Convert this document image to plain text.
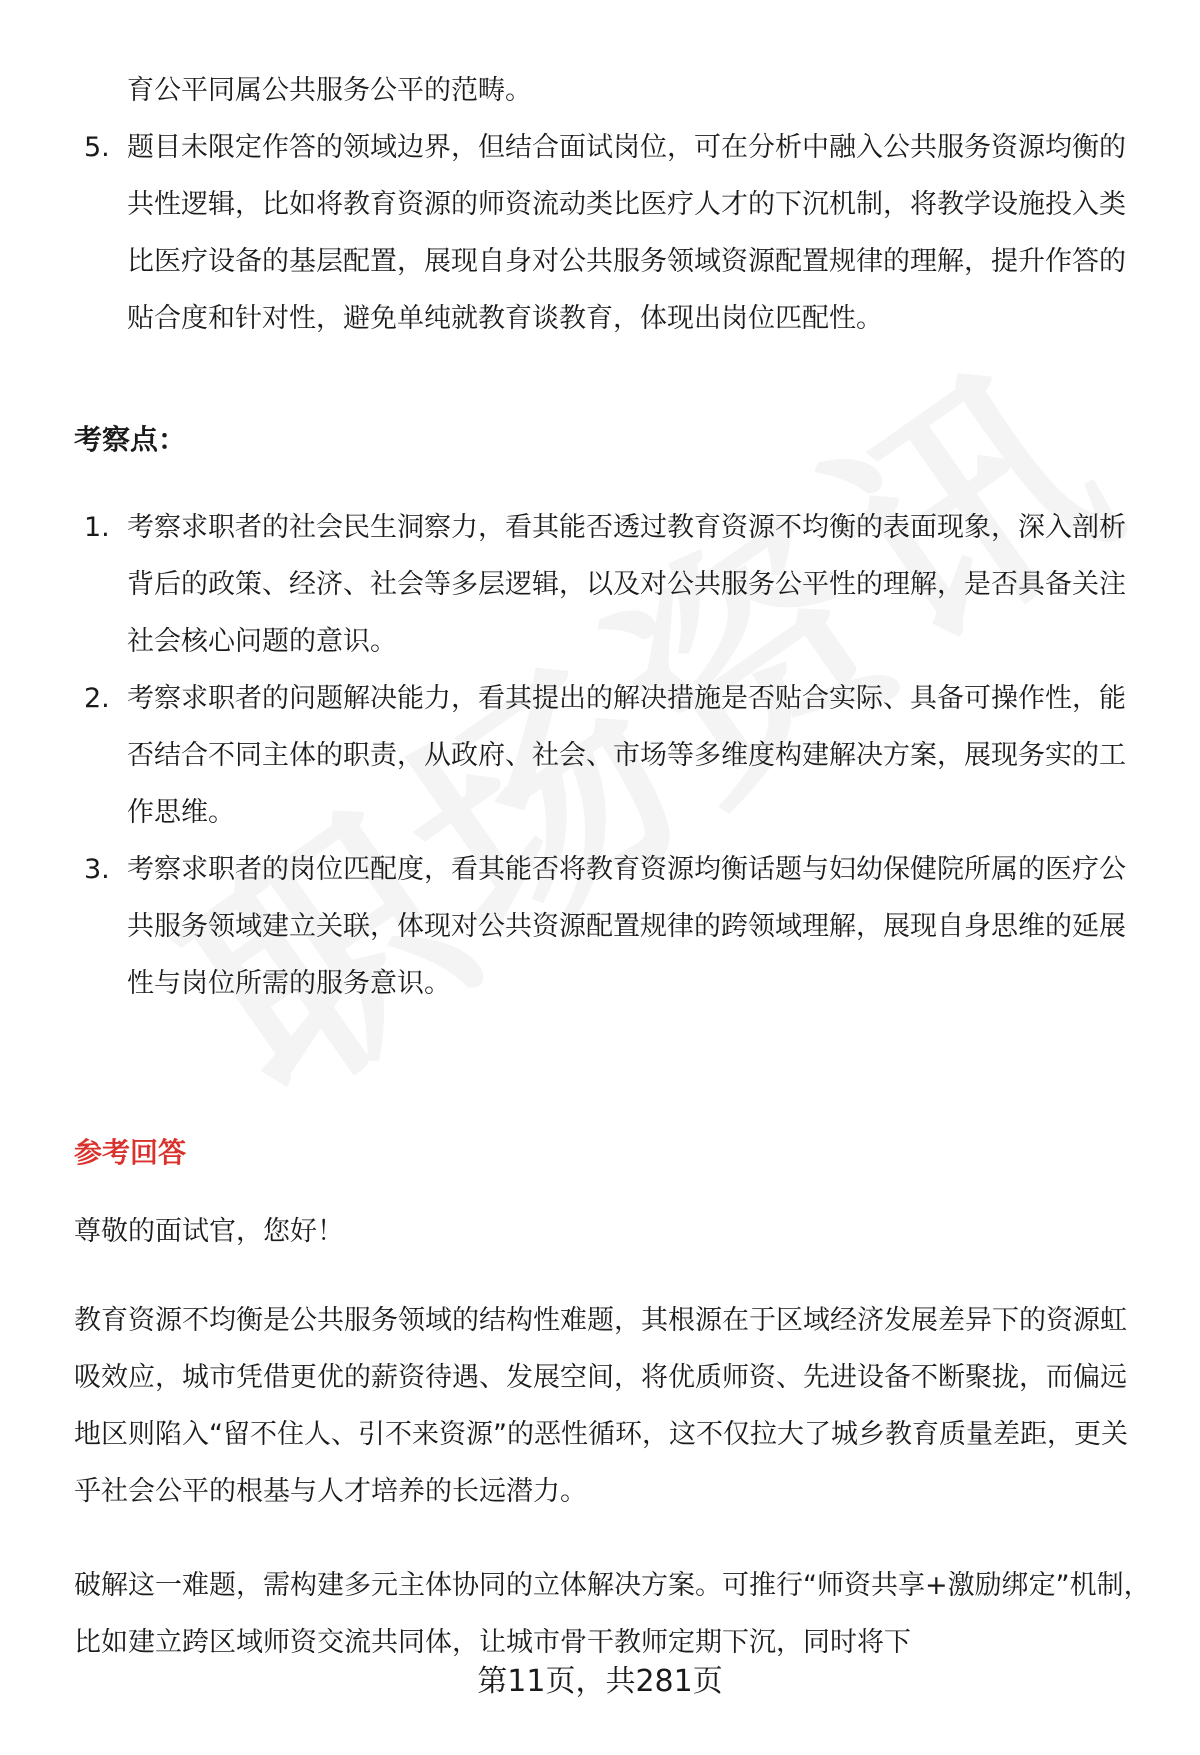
育公平同属公共服务公平的范畴。
5. 题目未限定作答的领域边界，但结合面试岗位，可在分析中融入公共服务资源均衡的共性逻辑，比如将教育资源的师资流动类比医疗人才的下沉机制，将教学设施投入类比医疗设备的基层配置，展现自身对公共服务领域资源配置规律的理解，提升作答的贴合度和针对性，避免单纯就教育谈教育，体现出岗位匹配性。
考察点：
1. 考察求职者的社会民生洞察力，看其能否透过教育资源不均衡的表面现象，深入剖析背后的政策、经济、社会等多层逻辑，以及对公共服务公平性的理解，是否具备关注社会核心问题的意识。
2. 考察求职者的问题解决能力，看其提出的解决措施是否贴合实际、具备可操作性，能否结合不同主体的职责，从政府、社会、市场等多维度构建解决方案，展现务实的工作思维。
3. 考察求职者的岗位匹配度，看其能否将教育资源均衡话题与妇幼保健院所属的医疗公共服务领域建立关联，体现对公共资源配置规律的跨领域理解，展现自身思维的延展性与岗位所需的服务意识。
参考回答
尊敬的面试官，您好！
教育资源不均衡是公共服务领域的结构性难题，其根源在于区域经济发展差异下的资源虹吸效应，城市凭借更优的薪资待遇、发展空间，将优质师资、先进设备不断聚拢，而偏远地区则陷入“留不住人、引不来资源”的恶性循环，这不仅拉大了城乡教育质量差距，更关乎社会公平的根基与人才培养的长远潜力。
破解这一难题，需构建多元主体协同的立体解决方案。可推行“师资共享+激励绑定”机制，比如建立跨区域师资交流共同体，让城市骨干教师定期下沉，同时将下
第11页，共281页
